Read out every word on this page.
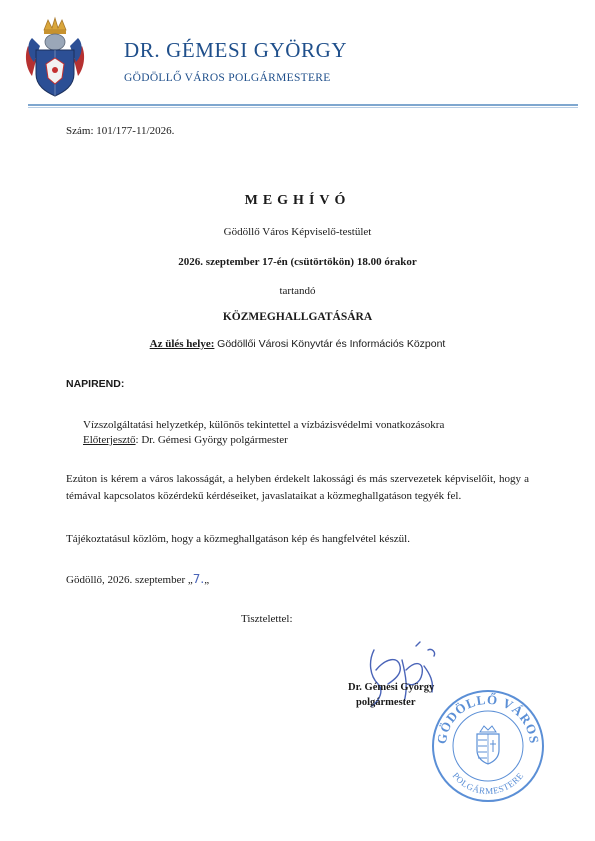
DR. GÉMESI GYÖRGY
GÖDÖLLŐ VÁROS POLGÁRMESTERE
Szám: 101/177-11/2026.
MEGHÍVÓ
Gödöllő Város Képviselő-testület
2026. szeptember 17-én (csütörtökön) 18.00 órakor
tartandó
KÖZMEGHALLGATÁSÁRA
Az ülés helye: Gödöllői Városi Könyvtár és Információs Központ
NAPIREND:
Vízszolgáltatási helyzetkép, különös tekintettel a vízbázisvédelmi vonatkozásokra
Előterjesztő: Dr. Gémesi György polgármester
Ezúton is kérem a város lakosságát, a helyben érdekelt lakossági és más szervezetek képviselőit, hogy a témával kapcsolatos közérdekű kérdéseiket, javaslataikat a közmeghallgatáson tegyék fel.
Tájékoztatásul közlöm, hogy a közmeghallgatáson kép és hangfelvétel készül.
Gödöllő, 2026. szeptember „7.„
Tisztelettel:
Dr. Gémesi György
polgármester
GÖDÖLLŐ VÁROS
POLGÁRMESTERE
